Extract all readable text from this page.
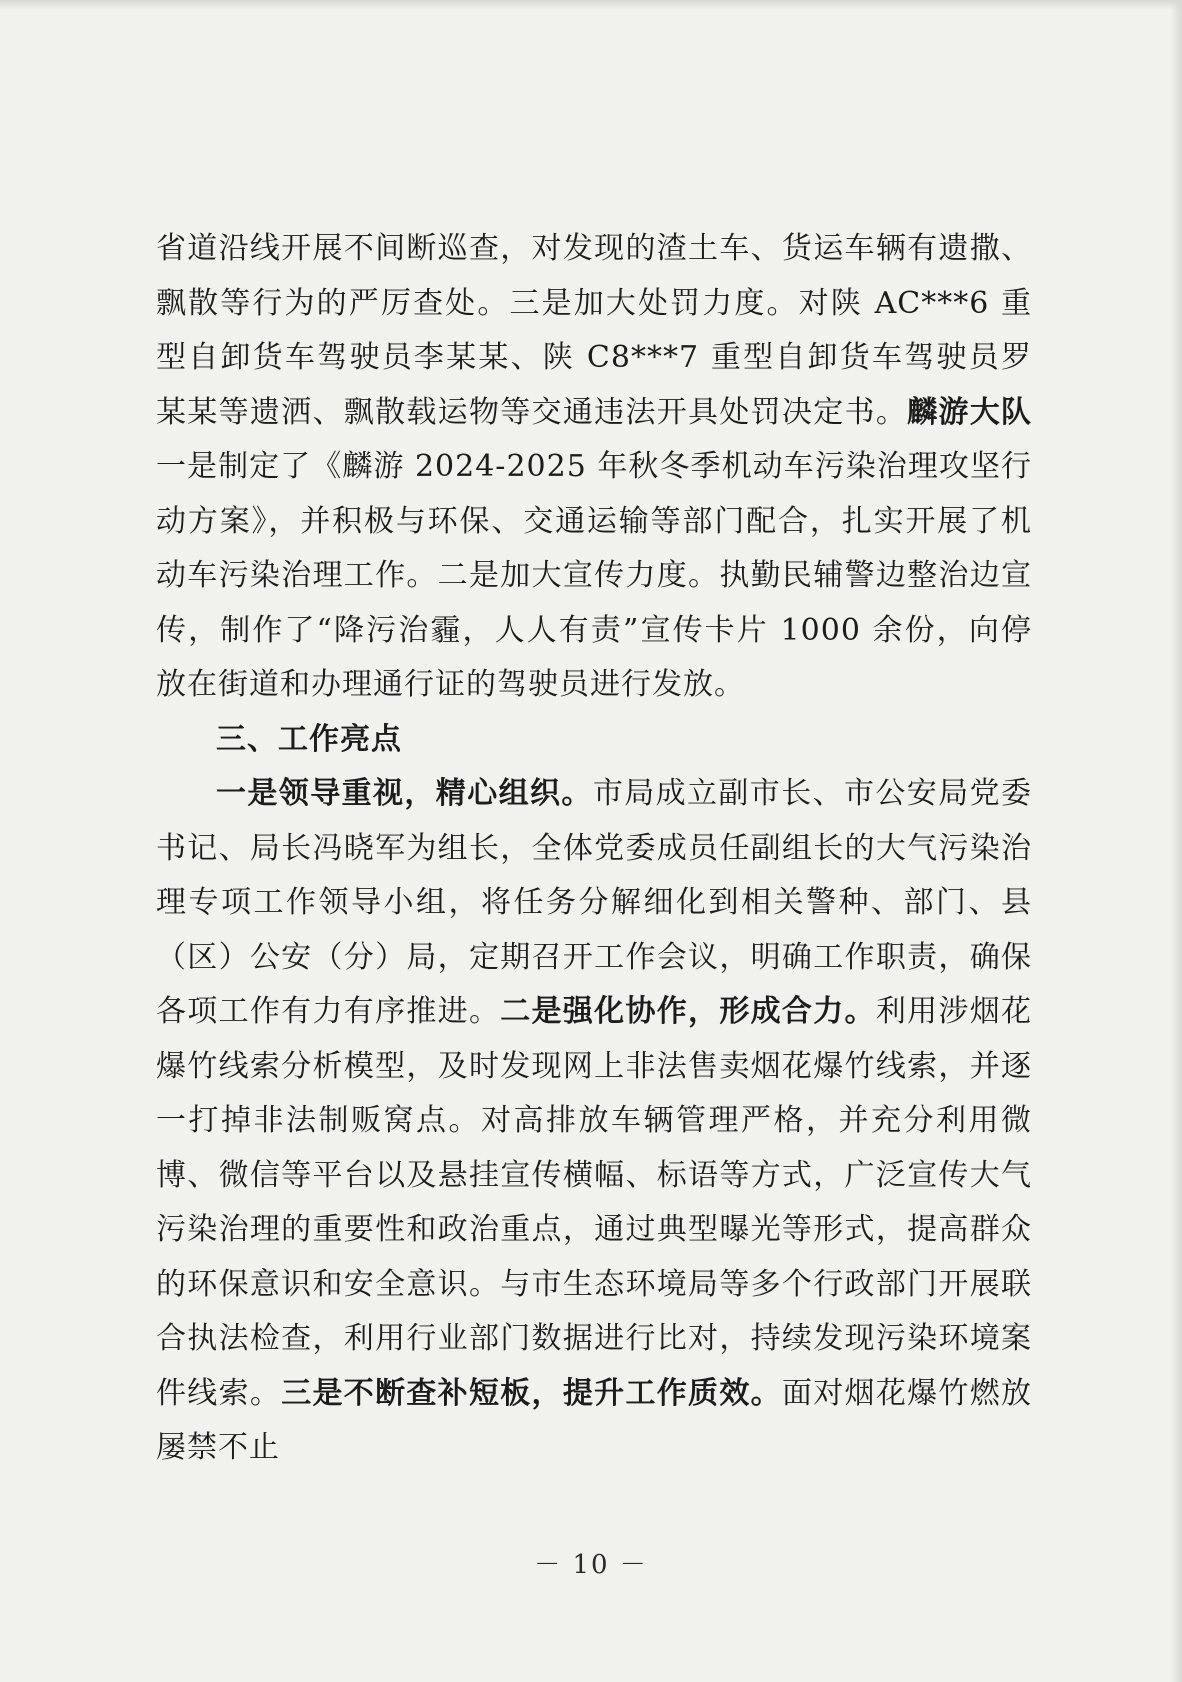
省道沿线开展不间断巡查，对发现的渣土车、货运车辆有遗撒、飘散等行为的严厉查处。三是加大处罚力度。对陕 AC***6 重型自卸货车驾驶员李某某、陕 C8***7 重型自卸货车驾驶员罗某某等遗洒、飘散载运物等交通违法开具处罚决定书。麟游大队一是制定了《麟游 2024-2025 年秋冬季机动车污染治理攻坚行动方案》，并积极与环保、交通运输等部门配合，扎实开展了机动车污染治理工作。二是加大宣传力度。执勤民辅警边整治边宣传，制作了“降污治霾，人人有责”宣传卡片 1000 余份，向停放在街道和办理通行证的驾驶员进行发放。

三、工作亮点

一是领导重视，精心组织。市局成立副市长、市公安局党委书记、局长冯晓军为组长，全体党委成员任副组长的大气污染治理专项工作领导小组，将任务分解细化到相关警种、部门、县（区）公安（分）局，定期召开工作会议，明确工作职责，确保各项工作有力有序推进。二是强化协作，形成合力。利用涉烟花爆竹线索分析模型，及时发现网上非法售卖烟花爆竹线索，并逐一打掉非法制贩窝点。对高排放车辆管理严格，并充分利用微博、微信等平台以及悬挂宣传横幅、标语等方式，广泛宣传大气污染治理的重要性和政治重点，通过典型曝光等形式，提高群众的环保意识和安全意识。与市生态环境局等多个行政部门开展联合执法检查，利用行业部门数据进行比对，持续发现污染环境案件线索。三是不断查补短板，提升工作质效。面对烟花爆竹燃放屡禁不止

－ 10 －
